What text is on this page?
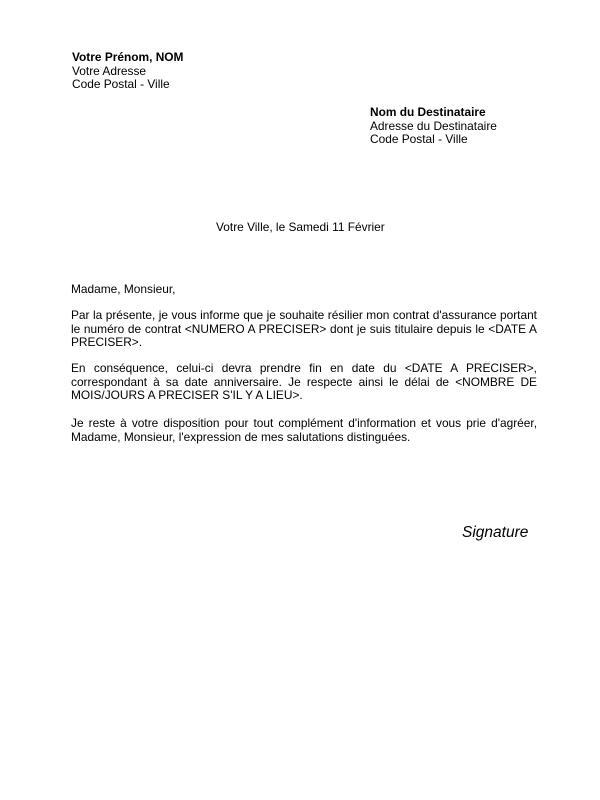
Votre Prénom, NOM
Votre Adresse
Code Postal - Ville
Nom du Destinataire
Adresse du Destinataire
Code Postal - Ville
Votre Ville, le Samedi 11 Février
Madame, Monsieur,
Par la présente, je vous informe que je souhaite résilier mon contrat d'assurance portant
le numéro de contrat <NUMERO A PRECISER> dont je suis titulaire depuis le <DATE A
PRECISER>.
En conséquence, celui-ci devra prendre fin en date du <DATE A PRECISER>,
correspondant à sa date anniversaire. Je respecte ainsi le délai de <NOMBRE DE
MOIS/JOURS A PRECISER S'IL Y A LIEU>.
Je reste à votre disposition pour tout complément d'information et vous prie d'agréer,
Madame, Monsieur, l'expression de mes salutations distinguées.
Signature
